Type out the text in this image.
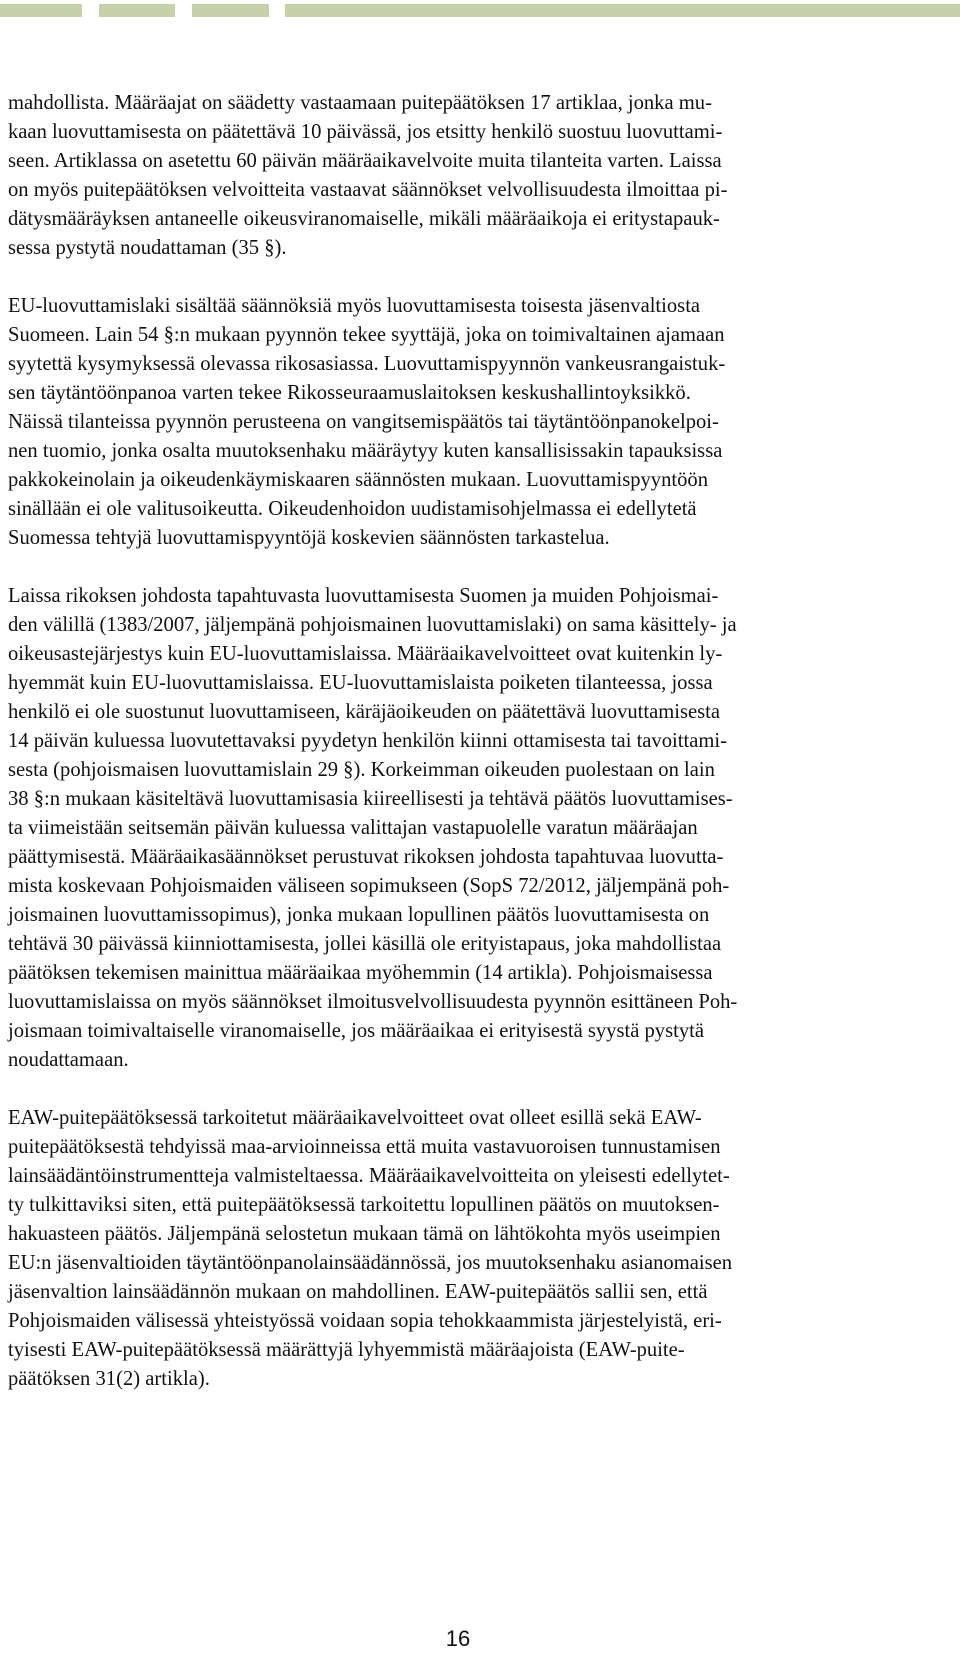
mahdollista. Määräajat on säädetty vastaamaan puitepäätöksen 17 artiklaa, jonka mu-
kaan luovuttamisesta on päätettävä 10 päivässä, jos etsitty henkilö suostuu luovuttami-
seen. Artiklassa on asetettu 60 päivän määräaikavelvoite muita tilanteita varten. Laissa
on myös puitepäätöksen velvoitteita vastaavat säännökset velvollisuudesta ilmoittaa pi-
dätysmääräyksen antaneelle oikeusviranomaiselle, mikäli määräaikoja ei eritystapauk-
sessa pystytä noudattaman (35 §).

EU-luovuttamislaki sisältää säännöksiä myös luovuttamisesta toisesta jäsenvaltiosta
Suomeen. Lain 54 §:n mukaan pyynnön tekee syyttäjä, joka on toimivaltainen ajamaan
syytettä kysymyksessä olevassa rikosasiassa. Luovuttamispyynnön vankeusrangaistuk-
sen täytäntöönpanoa varten tekee Rikosseuraamuslaitoksen keskushallintoyksikkö.
Näissä tilanteissa pyynnön perusteena on vangitsemispäätös tai täytäntöönpanokelpoi-
nen tuomio, jonka osalta muutoksenhaku määräytyy kuten kansallisissakin tapauksissa
pakkokeinolain ja oikeudenkäymiskaaren säännösten mukaan. Luovuttamispyyntöön
sinällään ei ole valitusoikeutta. Oikeudenhoidon uudistamisohjelmassa ei edellytetä
Suomessa tehtyjä luovuttamispyyntöjä koskevien säännösten tarkastelua.

Laissa rikoksen johdosta tapahtuvasta luovuttamisesta Suomen ja muiden Pohjoismai-
den välillä (1383/2007, jäljempänä pohjoismainen luovuttamislaki) on sama käsittely- ja
oikeusastejärjestys kuin EU-luovuttamislaissa. Määräaikavelvoitteet ovat kuitenkin ly-
hyemmät kuin EU-luovuttamislaissa. EU-luovuttamislaista poiketen tilanteessa, jossa
henkilö ei ole suostunut luovuttamiseen, käräjäoikeuden on päätettävä luovuttamisesta
14 päivän kuluessa luovutettavaksi pyydetyn henkilön kiinni ottamisesta tai tavoittami-
sesta (pohjoismaisen luovuttamislain 29 §). Korkeimman oikeuden puolestaan on lain
38 §:n mukaan käsiteltävä luovuttamisasia kiireellisesti ja tehtävä päätös luovuttamises-
ta viimeistään seitsemän päivän kuluessa valittajan vastapuolelle varatun määräajan
päättymisestä. Määräaikasäännökset perustuvat rikoksen johdosta tapahtuvaa luovutta-
mista koskevaan Pohjoismaiden väliseen sopimukseen (SopS 72/2012, jäljempänä poh-
joismainen luovuttamissopimus), jonka mukaan lopullinen päätös luovuttamisesta on
tehtävä 30 päivässä kiinniottamisesta, jollei käsillä ole erityistapaus, joka mahdollistaa
päätöksen tekemisen mainittua määräaikaa myöhemmin (14 artikla). Pohjoismaisessa
luovuttamislaissa on myös säännökset ilmoitusvelvollisuudesta pyynnön esittäneen Poh-
joismaan toimivaltaiselle viranomaiselle, jos määräaikaa ei erityisestä syystä pystytä
noudattamaan.

EAW-puitepäätöksessä tarkoitetut määräaikavelvoitteet ovat olleet esillä sekä EAW-
puitepäätöksestä tehdyissä maa-arvioinneissa että muita vastavuoroisen tunnustamisen
lainsäädäntöinstrumentteja valmisteltaessa. Määräaikavelvoitteita on yleisesti edellytet-
ty tulkittaviksi siten, että puitepäätöksessä tarkoitettu lopullinen päätös on muutoksen-
hakuasteen päätös. Jäljempänä selostetun mukaan tämä on lähtökohta myös useimpien
EU:n jäsenvaltioiden täytäntöönpanolainsäädännössä, jos muutoksenhaku asianomaisen
jäsenvaltion lainsäädännön mukaan on mahdollinen. EAW-puitepäätös sallii sen, että
Pohjoismaiden välisessä yhteistyössä voidaan sopia tehokkaammista järjestelyistä, eri-
tyisesti EAW-puitepäätöksessä määrättyjä lyhyemmistä määräajoista (EAW-puite-
päätöksen 31(2) artikla).

16
